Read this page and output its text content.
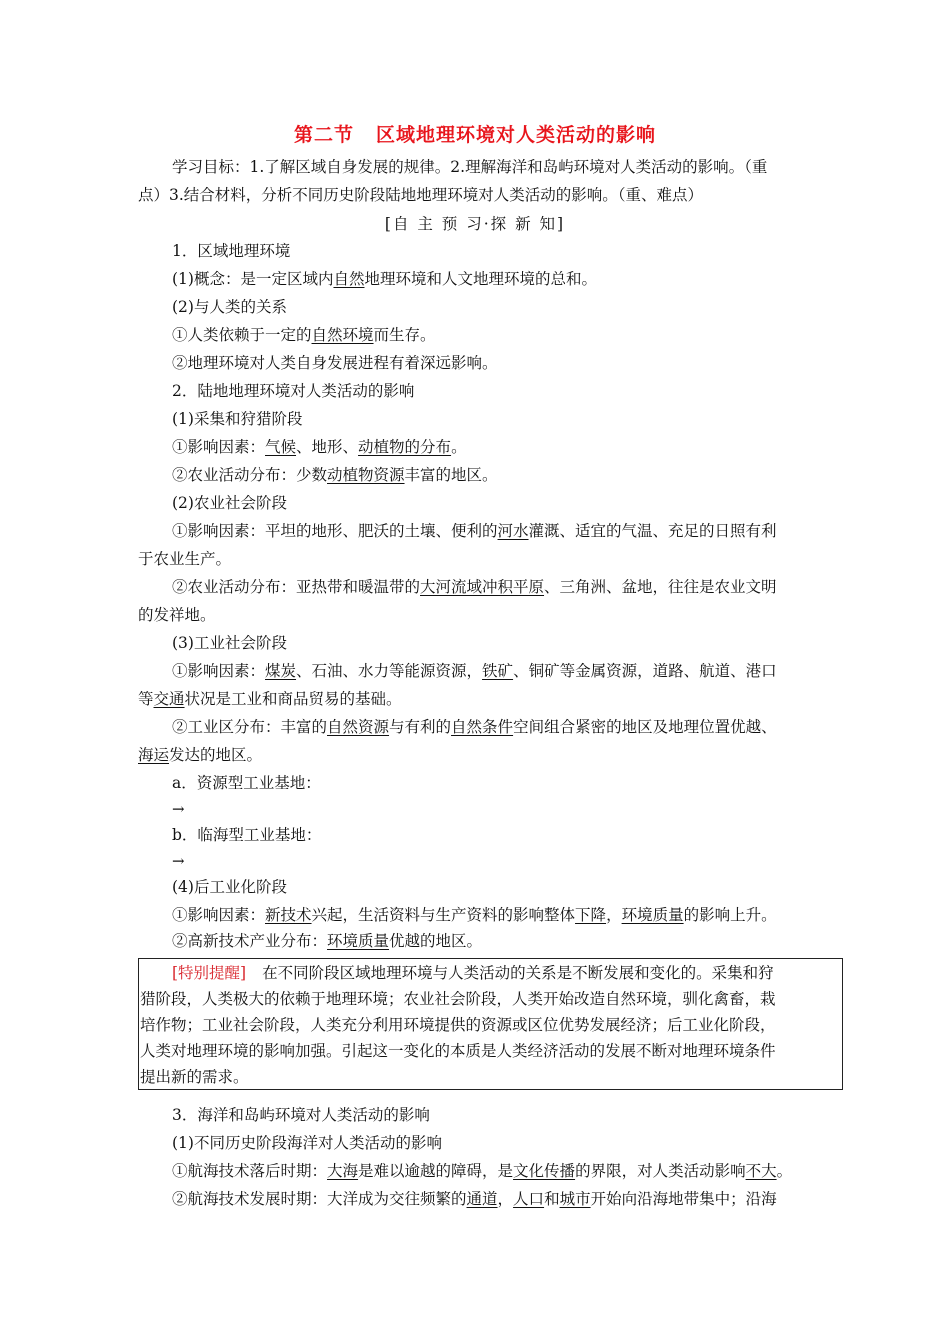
第二节 区域地理环境对人类活动的影响
学习目标：1.了解区域自身发展的规律。2.理解海洋和岛屿环境对人类活动的影响。（重
点）3.结合材料，分析不同历史阶段陆地地理环境对人类活动的影响。（重、难点）
[自 主 预 习·探 新 知]
1．区域地理环境
(1)概念：是一定区域内自然地理环境和人文地理环境的总和。
(2)与人类的关系
①人类依赖于一定的自然环境而生存。
②地理环境对人类自身发展进程有着深远影响。
2．陆地地理环境对人类活动的影响
(1)采集和狩猎阶段
①影响因素：气候、地形、动植物的分布。
②农业活动分布：少数动植物资源丰富的地区。
(2)农业社会阶段
①影响因素：平坦的地形、肥沃的土壤、便利的河水灌溉、适宜的气温、充足的日照有利
于农业生产。
②农业活动分布：亚热带和暖温带的大河流域冲积平原、三角洲、盆地，往往是农业文明
的发祥地。
(3)工业社会阶段
①影响因素：煤炭、石油、水力等能源资源，铁矿、铜矿等金属资源，道路、航道、港口
等交通状况是工业和商品贸易的基础。
②工业区分布：丰富的自然资源与有利的自然条件空间组合紧密的地区及地理位置优越、
海运发达的地区。
a．资源型工业基地：
→
b．临海型工业基地：
→
(4)后工业化阶段
①影响因素：新技术兴起，生活资料与生产资料的影响整体下降，环境质量的影响上升。
②高新技术产业分布：环境质量优越的地区。
[特别提醒] 在不同阶段区域地理环境与人类活动的关系是不断发展和变化的。采集和狩
猎阶段，人类极大的依赖于地理环境；农业社会阶段，人类开始改造自然环境，驯化禽畜，栽
培作物；工业社会阶段，人类充分利用环境提供的资源或区位优势发展经济；后工业化阶段，
人类对地理环境的影响加强。引起这一变化的本质是人类经济活动的发展不断对地理环境条件
提出新的需求。
3．海洋和岛屿环境对人类活动的影响
(1)不同历史阶段海洋对人类活动的影响
①航海技术落后时期：大海是难以逾越的障碍，是文化传播的界限，对人类活动影响不大。
②航海技术发展时期：大洋成为交往频繁的通道，人口和城市开始向沿海地带集中；沿海
